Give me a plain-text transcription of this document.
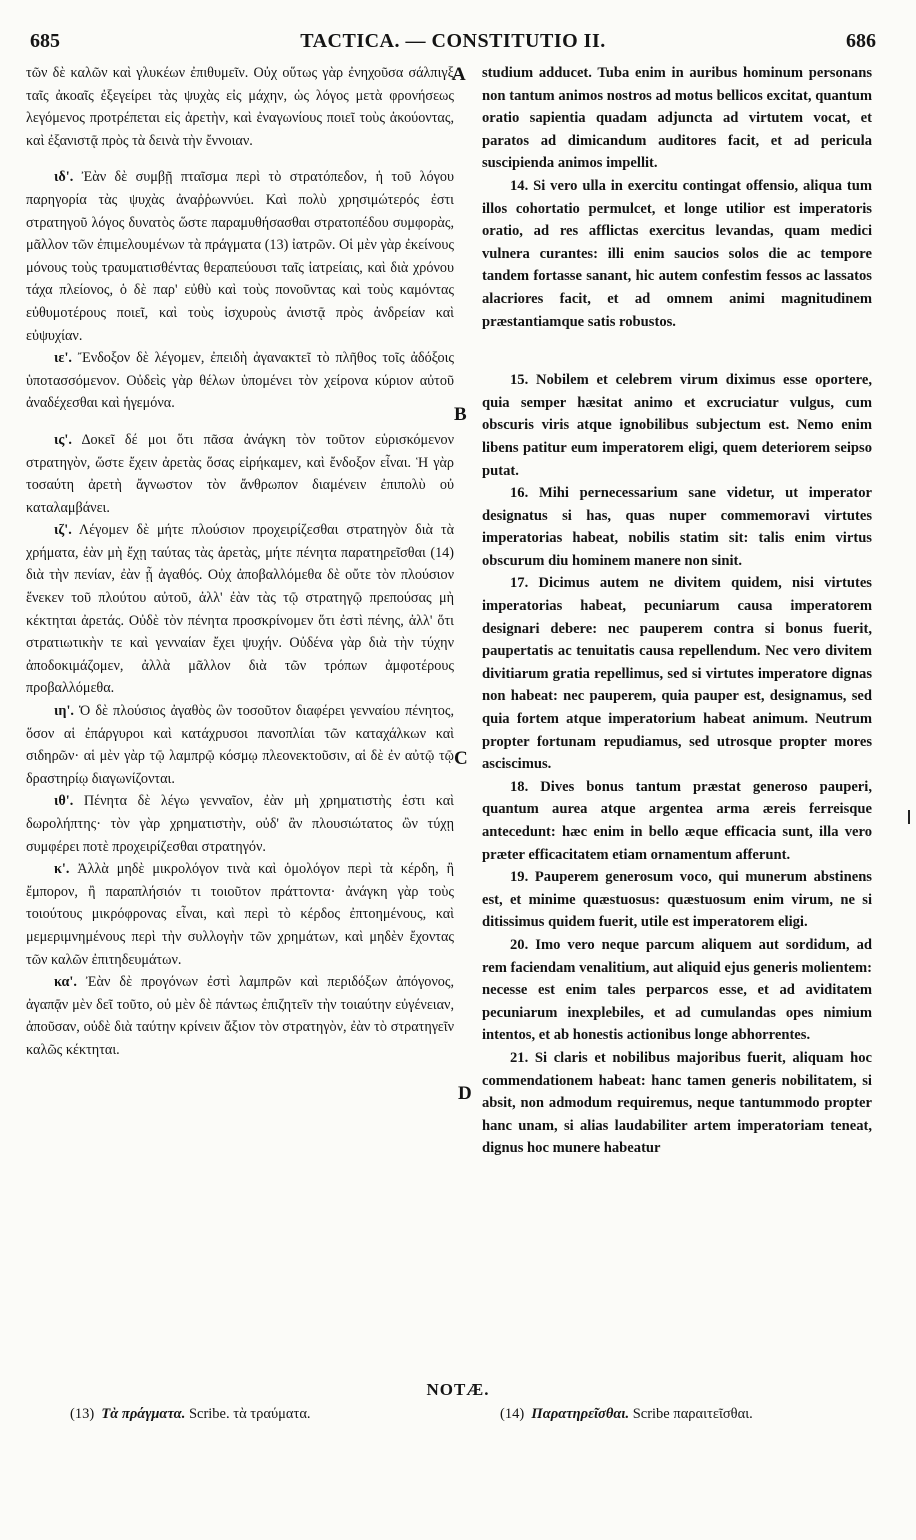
685	TACTICA. — CONSTITUTIO II.	686

τῶν δὲ καλῶν καὶ γλυκέων ἐπιθυμεῖν. Οὐχ οὕτως γὰρ ἐνηχοῦσα σάλπιγξ ταῖς ἀκοαῖς ἐξεγείρει τὰς ψυχὰς εἰς μάχην, ὡς λόγος μετὰ φρονήσεως λεγόμενος προτρέπεται εἰς ἀρετὴν, καὶ ἐναγωνίους ποιεῖ τοὺς ἀκούοντας, καὶ ἐξανιστᾷ πρὸς τὰ δεινὰ τὴν ἔννοιαν.

ιδ'. Ἐὰν δὲ συμβῇ πταῖσμα περὶ τὸ στρατόπεδον, ἡ τοῦ λόγου παρηγορία τὰς ψυχὰς ἀναῤῥωννύει. Καὶ πολὺ χρησιμώτερός ἐστι στρατηγοῦ λόγος δυνατὸς ὥστε παραμυθήσασθαι στρατοπέδου συμφορὰς, μᾶλλον τῶν ἐπιμελουμένων τὰ πράγματα (13) ἰατρῶν. Οἱ μὲν γὰρ ἐκείνους μόνους τοὺς τραυματισθέντας θεραπεύουσι ταῖς ἰατρείαις, καὶ διὰ χρόνου τάχα πλείονος, ὁ δὲ παρ' εὐθὺ καὶ τοὺς πονοῦντας καὶ τοὺς καμόντας εὐθυμοτέρους ποιεῖ, καὶ τοὺς ἰσχυροὺς ἀνιστᾷ πρὸς ἀνδρείαν καὶ εὐψυχίαν.

ιε'. Ἔνδοξον δὲ λέγομεν, ἐπειδὴ ἀγανακτεῖ τὸ πλῆθος τοῖς ἀδόξοις ὑποτασσόμενον. Οὐδεὶς γὰρ θέλων ὑπομένει τὸν χείρονα κύριον αὐτοῦ ἀναδέχεσθαι καὶ ἡγεμόνα.

ις'. Δοκεῖ δέ μοι ὅτι πᾶσα ἀνάγκη τὸν τοῦτον εὑρισκόμενον στρατηγὸν, ὥστε ἔχειν ἀρετὰς ὅσας εἰρήκαμεν, καὶ ἔνδοξον εἶναι. Ἡ γὰρ τοσαύτη ἀρετὴ ἄγνωστον τὸν ἄνθρωπον διαμένειν ἐπιπολὺ οὐ καταλαμβάνει.

ιζ'. Λέγομεν δὲ μήτε πλούσιον προχειρίζεσθαι στρατηγὸν διὰ τὰ χρήματα, ἐὰν μὴ ἔχῃ ταύτας τὰς ἀρετὰς, μήτε πένητα παρατηρεῖσθαι (14) διὰ τὴν πενίαν, ἐὰν ᾖ ἀγαθός. Οὐχ ἀποβαλλόμεθα δὲ οὔτε τὸν πλούσιον ἕνεκεν τοῦ πλούτου αὐτοῦ, ἀλλ' ἐὰν τὰς τῷ στρατηγῷ πρεπούσας μὴ κέκτηται ἀρετάς. Οὐδὲ τὸν πένητα προσκρίνομεν ὅτι ἐστὶ πένης, ἀλλ' ὅτι στρατιωτικὴν τε καὶ γενναίαν ἔχει ψυχήν. Οὐδένα γὰρ διὰ τὴν τύχην ἀποδοκιμάζομεν, ἀλλὰ μᾶλλον διὰ τῶν τρόπων ἀμφοτέρους προβαλλόμεθα.

ιη'. Ὁ δὲ πλούσιος ἀγαθὸς ὢν τοσοῦτον διαφέρει γενναίου πένητος, ὅσον αἱ ἐπάργυροι καὶ κατάχρυσοι πανοπλίαι τῶν καταχάλκων καὶ σιδηρῶν· αἱ μὲν γὰρ τῷ λαμπρῷ κόσμῳ πλεονεκτοῦσιν, αἱ δὲ ἐν αὐτῷ τῷ δραστηρίῳ διαγωνίζονται.

ιθ'. Πένητα δὲ λέγω γενναῖον, ἐὰν μὴ χρηματιστὴς ἐστι καὶ δωρολήπτης· τὸν γὰρ χρηματιστὴν, οὐδ' ἂν πλουσιώτατος ὢν τύχῃ συμφέρει ποτὲ προχειρίζεσθαι στρατηγόν.

κ'. Ἀλλὰ μηδὲ μικρολόγον τινὰ καὶ ὁμολόγον περὶ τὰ κέρδη, ἢ ἔμπορον, ἢ παραπλήσιόν τι τοιοῦτον πράττοντα· ἀνάγκη γὰρ τοὺς τοιούτους μικρόφρονας εἶναι, καὶ περὶ τὸ κέρδος ἐπτοημένους, καὶ μεμεριμνημένους περὶ τὴν συλλογὴν τῶν χρημάτων, καὶ μηδὲν ἔχοντας τῶν καλῶν ἐπιτηδευμάτων.

κα'. Ἐὰν δὲ προγόνων ἐστὶ λαμπρῶν καὶ περιδόξων ἀπόγονος, ἀγαπᾷν μὲν δεῖ τοῦτο, οὐ μὲν δὲ πάντως ἐπιζητεῖν τὴν τοιαύτην εὐγένειαν, ἀποῦσαν, οὐδὲ διὰ ταύτην κρίνειν ἄξιον τὸν στρατηγὸν, ἐὰν τὸ στρατηγεῖν καλῶς κέκτηται.

studium adducet. Tuba enim in auribus hominum personans non tantum animos nostros ad motus bellicos excitat, quantum oratio sapientia quadam adjuncta ad virtutem vocat, et paratos ad dimicandum auditores facit, et ad pericula suscipienda animos impellit.

14. Si vero ulla in exercitu contingat offensio, aliqua tum illos cohortatio permulcet, et longe utilior est imperatoris oratio, ad res afflictas exercitus levandas, quam medici vulnera curantes: illi enim saucios solos die ac tempore tandem fortasse sanant, hic autem confestim fessos ac lassatos alacriores facit, et ad omnem animi magnitudinem præstantiamque satis robustos.

15. Nobilem et celebrem virum diximus esse oportere, quia semper hæsitat animo et excruciatur vulgus, cum obscuris viris atque ignobilibus subjectum est. Nemo enim libens patitur eum imperatorem eligi, quem deteriorem seipso putat.

16. Mihi pernecessarium sane videtur, ut imperator designatus si has, quas nuper commemoravi virtutes imperatorias habeat, nobilis statim sit: talis enim virtus obscurum diu hominem manere non sinit.

17. Dicimus autem ne divitem quidem, nisi virtutes imperatorias habeat, pecuniarum causa imperatorem designari debere: nec pauperem contra si bonus fuerit, paupertatis ac tenuitatis causa repellendum. Nec vero divitem divitiarum gratia repellimus, sed si virtutes imperatore dignas non habeat: nec pauperem, quia pauper est, designamus, sed quia fortem atque imperatorium habeat animum. Neutrum propter fortunam repudiamus, sed utrosque propter mores asciscimus.

18. Dives bonus tantum præstat generoso pauperi, quantum aurea atque argentea arma æreis ferreisque antecedunt: hæc enim in bello æque efficacia sunt, illa vero præter efficacitatem etiam ornamentum afferunt.

19. Pauperem generosum voco, qui munerum abstinens est, et minime quæstuosus: quæstuosum enim virum, ne si ditissimus quidem fuerit, utile est imperatorem eligi.

20. Imo vero neque parcum aliquem aut sordidum, ad rem faciendam venalitium, aut aliquid ejus generis molientem: necesse est enim tales perparcos esse, et ad aviditatem pecuniarum inexplebiles, et ad cumulandas opes nimium intentos, et ab honestis actionibus longe abhorrentes.

21. Si claris et nobilibus majoribus fuerit, aliquam hoc commendationem habeat: hanc tamen generis nobilitatem, si absit, non admodum requiremus, neque tantummodo propter hanc unam, si alias laudabiliter artem imperatoriam teneat, dignus hoc munere habeatur

A
B
C
D
NOTÆ.
(13) Τὰ πράγματα. Scribe. τὰ τραύματα.	(14) Παρατηρεῖσθαι. Scribe παραιτεῖσθαι.
